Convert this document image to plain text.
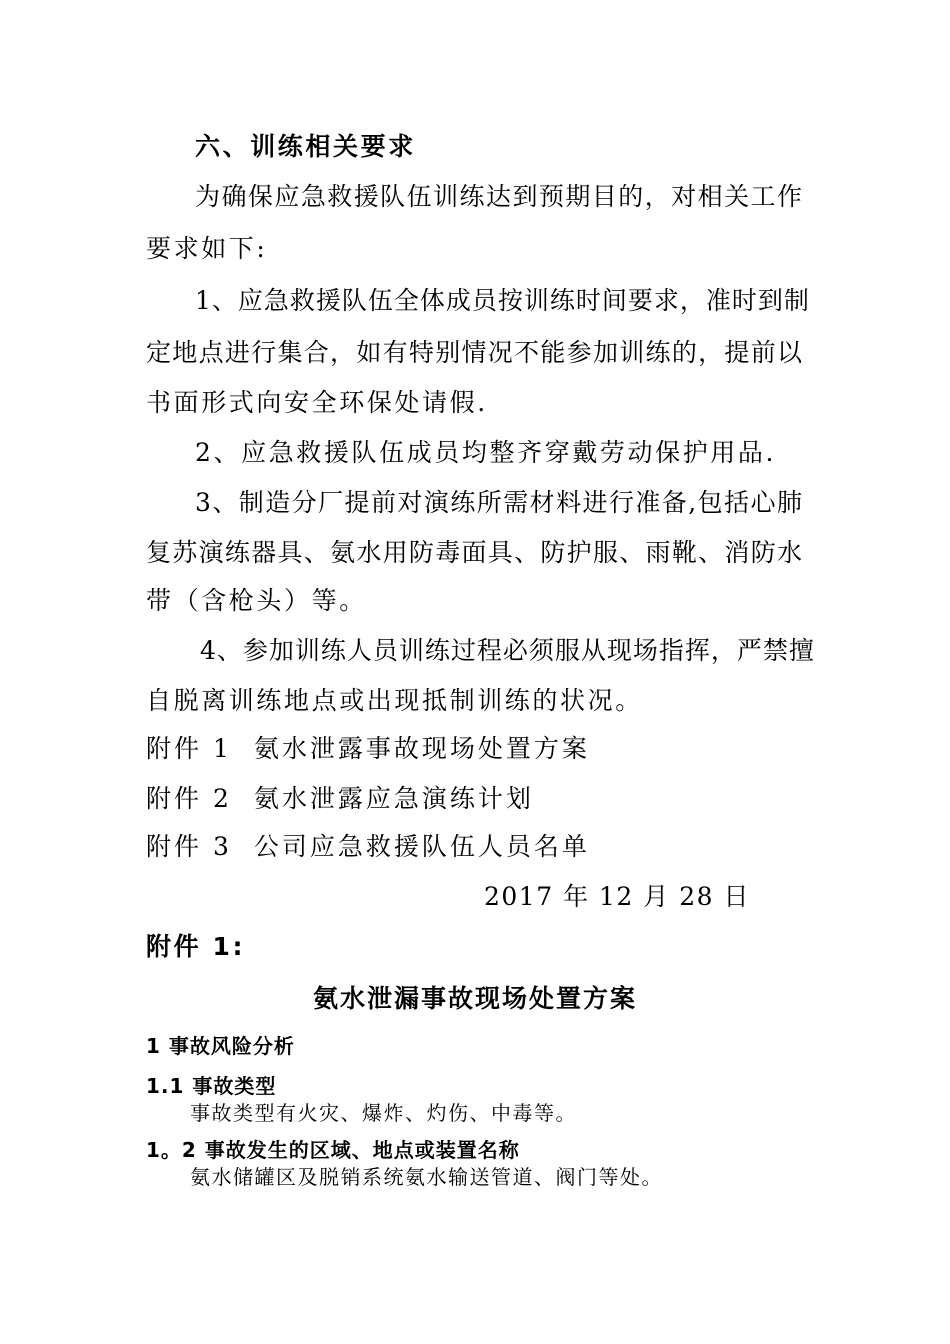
六、训练相关要求
为确保应急救援队伍训练达到预期目的，对相关工作
要求如下:
1、应急救援队伍全体成员按训练时间要求，准时到制
定地点进行集合，如有特别情况不能参加训练的，提前以
书面形式向安全环保处请假.
2、应急救援队伍成员均整齐穿戴劳动保护用品.
3、制造分厂提前对演练所需材料进行准备,包括心肺
复苏演练器具、氨水用防毒面具、防护服、雨靴、消防水
带（含枪头）等。
4、参加训练人员训练过程必须服从现场指挥，严禁擅
自脱离训练地点或出现抵制训练的状况。
附件 1 氨水泄露事故现场处置方案
附件 2 氨水泄露应急演练计划
附件 3 公司应急救援队伍人员名单
2017 年 12 月 28 日
附件 1:
氨水泄漏事故现场处置方案
1 事故风险分析
1.1 事故类型
事故类型有火灾、爆炸、灼伤、中毒等。
1。2 事故发生的区域、地点或装置名称
氨水储罐区及脱销系统氨水输送管道、阀门等处。
